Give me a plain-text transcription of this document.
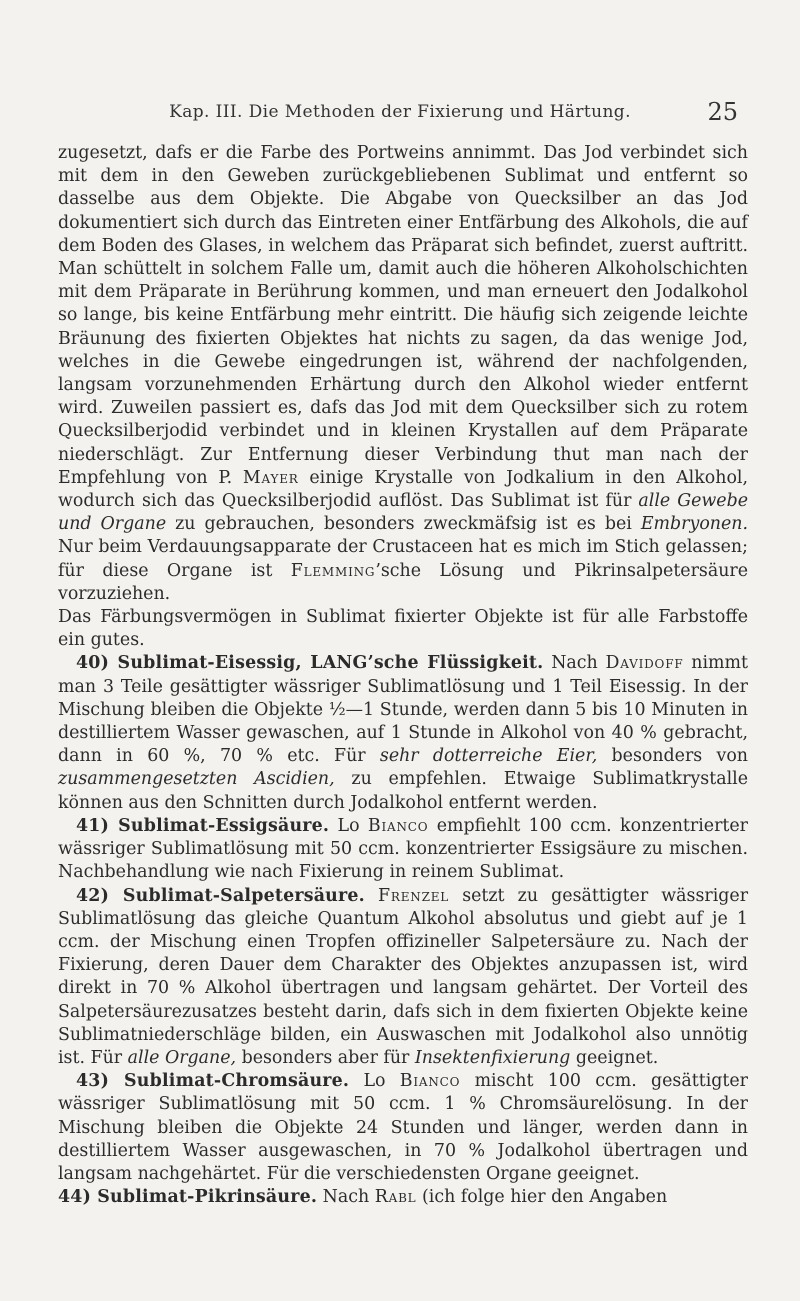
Kap. III. Die Methoden der Fixierung und Härtung.	25

zugesetzt, dafs er die Farbe des Portweins annimmt. Das Jod verbindet sich mit dem in den Geweben zurückgebliebenen Sublimat und entfernt so dasselbe aus dem Objekte. Die Abgabe von Quecksilber an das Jod dokumentiert sich durch das Eintreten einer Entfärbung des Alkohols, die auf dem Boden des Glases, in welchem das Präparat sich befindet, zuerst auftritt. Man schüttelt in solchem Falle um, damit auch die höheren Alkoholschichten mit dem Präparate in Berührung kommen, und man erneuert den Jodalkohol so lange, bis keine Entfärbung mehr eintritt. Die häufig sich zeigende leichte Bräunung des fixierten Objektes hat nichts zu sagen, da das wenige Jod, welches in die Gewebe eingedrungen ist, während der nachfolgenden, langsam vorzunehmenden Erhärtung durch den Alkohol wieder entfernt wird. Zuweilen passiert es, dafs das Jod mit dem Quecksilber sich zu rotem Quecksilberjodid verbindet und in kleinen Krystallen auf dem Präparate niederschlägt. Zur Entfernung dieser Verbindung thut man nach der Empfehlung von P. Mayer einige Krystalle von Jodkalium in den Alkohol, wodurch sich das Quecksilberjodid auflöst. Das Sublimat ist für alle Gewebe und Organe zu gebrauchen, besonders zweckmäfsig ist es bei Embryonen. Nur beim Verdauungsapparate der Crustaceen hat es mich im Stich gelassen; für diese Organe ist Flemming’sche Lösung und Pikrinsalpetersäure vorzuziehen.

Das Färbungsvermögen in Sublimat fixierter Objekte ist für alle Farbstoffe ein gutes.

40) Sublimat-Eisessig, LANG’sche Flüssigkeit. Nach Davidoff nimmt man 3 Teile gesättigter wässriger Sublimatlösung und 1 Teil Eisessig. In der Mischung bleiben die Objekte ½—1 Stunde, werden dann 5 bis 10 Minuten in destilliertem Wasser gewaschen, auf 1 Stunde in Alkohol von 40 % gebracht, dann in 60 %, 70 % etc. Für sehr dotterreiche Eier, besonders von zusammengesetzten Ascidien, zu empfehlen. Etwaige Sublimatkrystalle können aus den Schnitten durch Jodalkohol entfernt werden.

41) Sublimat-Essigsäure. Lo Bianco empfiehlt 100 ccm. konzentrierter wässriger Sublimatlösung mit 50 ccm. konzentrierter Essigsäure zu mischen. Nachbehandlung wie nach Fixierung in reinem Sublimat.

42) Sublimat-Salpetersäure. Frenzel setzt zu gesättigter wässriger Sublimatlösung das gleiche Quantum Alkohol absolutus und giebt auf je 1 ccm. der Mischung einen Tropfen offizineller Salpetersäure zu. Nach der Fixierung, deren Dauer dem Charakter des Objektes anzupassen ist, wird direkt in 70 % Alkohol übertragen und langsam gehärtet. Der Vorteil des Salpetersäurezusatzes besteht darin, dafs sich in dem fixierten Objekte keine Sublimatniederschläge bilden, ein Auswaschen mit Jodalkohol also unnötig ist. Für alle Organe, besonders aber für Insektenfixierung geeignet.

43) Sublimat-Chromsäure. Lo Bianco mischt 100 ccm. gesättigter wässriger Sublimatlösung mit 50 ccm. 1 % Chromsäurelösung. In der Mischung bleiben die Objekte 24 Stunden und länger, werden dann in destilliertem Wasser ausgewaschen, in 70 % Jodalkohol übertragen und langsam nachgehärtet. Für die verschiedensten Organe geeignet.

44) Sublimat-Pikrinsäure. Nach Rabl (ich folge hier den Angaben
